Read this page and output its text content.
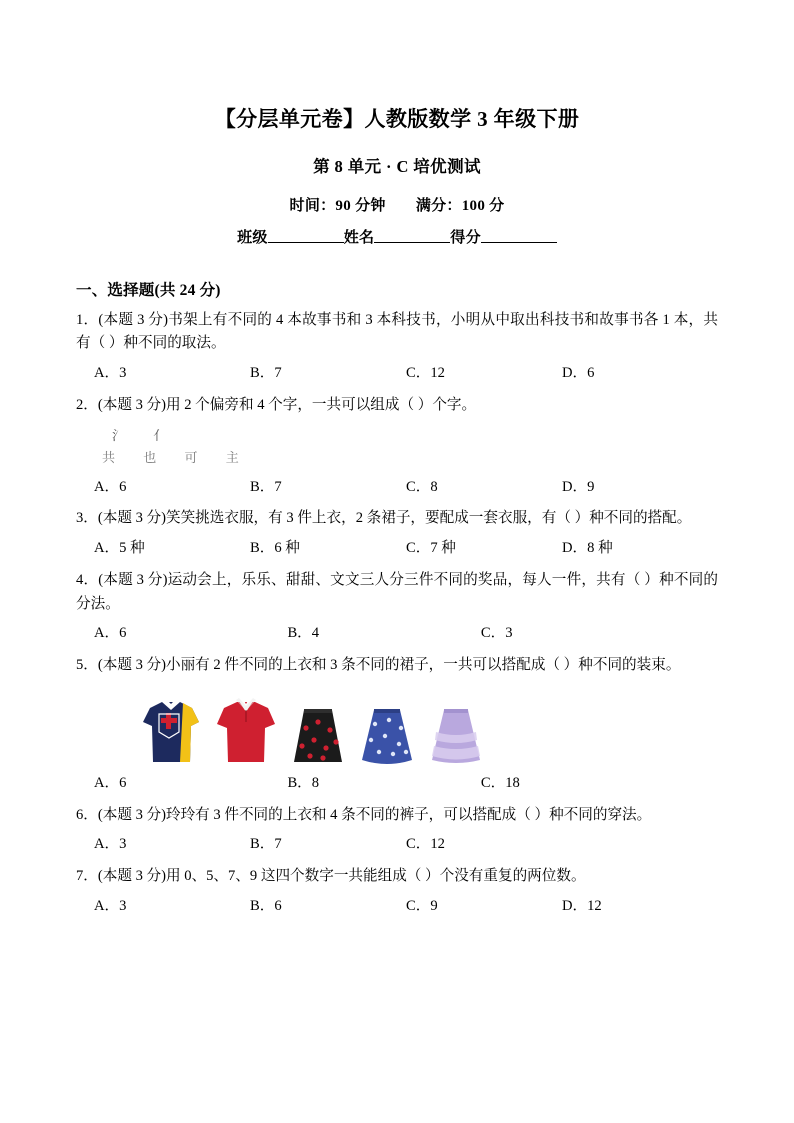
【分层单元卷】人教版数学 3 年级下册
第 8 单元 · C 培优测试
时间：90 分钟 满分：100 分
班级	姓名	得分
一、选择题(共 24 分)
1．(本题 3 分)书架上有不同的 4 本故事书和 3 本科技书，小明从中取出科技书和故事书各 1 本，共有（ ）种不同的取法。
A．3	B．7	C．12	D．6
2．(本题 3 分)用 2 个偏旁和 4 个字，一共可以组成（ ）个字。
氵 亻
共 也 可 主
A．6	B．7	C．8	D．9
3．(本题 3 分)笑笑挑选衣服，有 3 件上衣，2 条裙子，要配成一套衣服，有（ ）种不同的搭配。
A．5 种	B．6 种	C．7 种	D．8 种
4．(本题 3 分)运动会上，乐乐、甜甜、文文三人分三件不同的奖品，每人一件，共有（ ）种不同的分法。
A．6	B．4	C．3
5．(本题 3 分)小丽有 2 件不同的上衣和 3 条不同的裙子，一共可以搭配成（ ）种不同的装束。
A．6	B．8	C．18
6．(本题 3 分)玲玲有 3 件不同的上衣和 4 条不同的裤子，可以搭配成（ ）种不同的穿法。
A．3	B．7	C．12
7．(本题 3 分)用 0、5、7、9 这四个数字一共能组成（ ）个没有重复的两位数。
A．3	B．6	C．9	D．12
